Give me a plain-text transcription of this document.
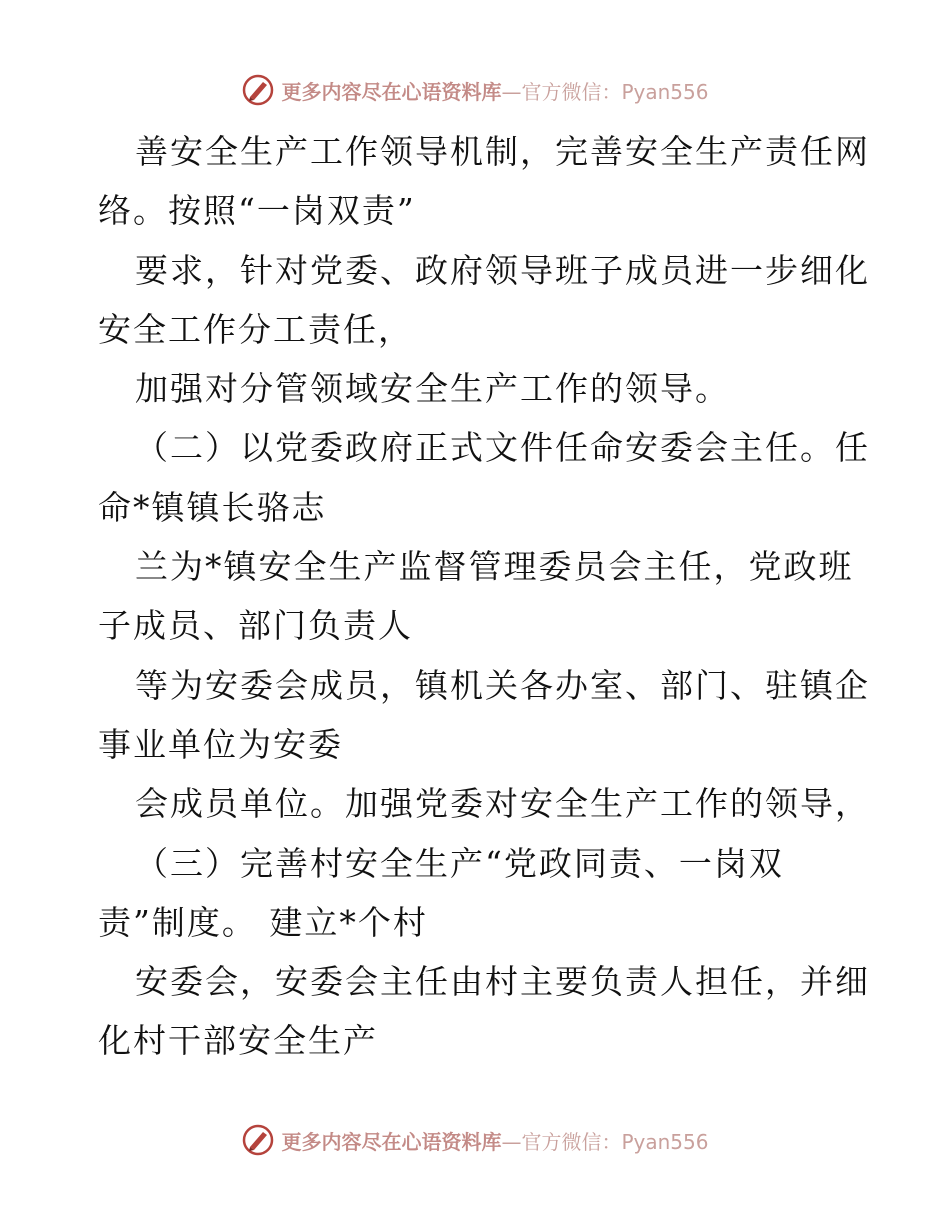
更多内容尽在心语资料库—官方微信：Pyan556
善安全生产工作领导机制，完善安全生产责任网
络。按照“一岗双责”
要求，针对党委、政府领导班子成员进一步细化
安全工作分工责任，
加强对分管领域安全生产工作的领导。
（二）以党委政府正式文件任命安委会主任。任
命*镇镇长骆志
兰为*镇安全生产监督管理委员会主任，党政班
子成员、部门负责人
等为安委会成员，镇机关各办室、部门、驻镇企
事业单位为安委
会成员单位。加强党委对安全生产工作的领导，
（三）完善村安全生产“党政同责、一岗双
责”制度。 建立*个村
安委会，安委会主任由村主要负责人担任，并细
化村干部安全生产
更多内容尽在心语资料库—官方微信：Pyan556
